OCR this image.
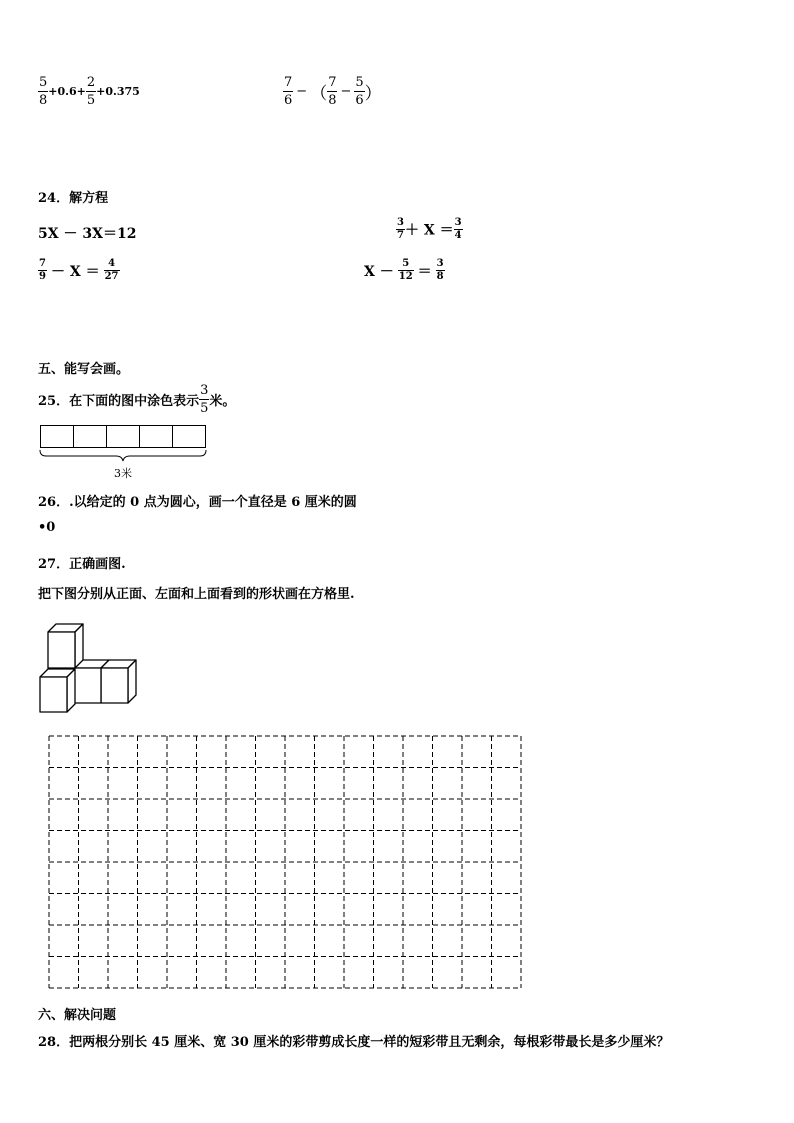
$\frac{5}{8} +0.6+ \frac{2}{5} +0.375$	$\frac{7}{6}$ − （ $\frac{7}{8} - \frac{5}{6}$ ）
24．解方程
5X － 3X＝12	$\frac{3}{7} + X = \frac{3}{4}$
$\frac{7}{9} - X = \frac{4}{27}$	$X - \frac{5}{12} = \frac{3}{8}$
五、能写会画。
25．在下面的图中涂色表示 $\frac{3}{5}$ 米。
3米
26．.以给定的 0 点为圆心，画一个直径是 6 厘米的圆
•0
27．正确画图.
把下图分别从正面、左面和上面看到的形状画在方格里.
六、解决问题
28．把两根分别长 45 厘米、宽 30 厘米的彩带剪成长度一样的短彩带且无剩余，每根彩带最长是多少厘米？
